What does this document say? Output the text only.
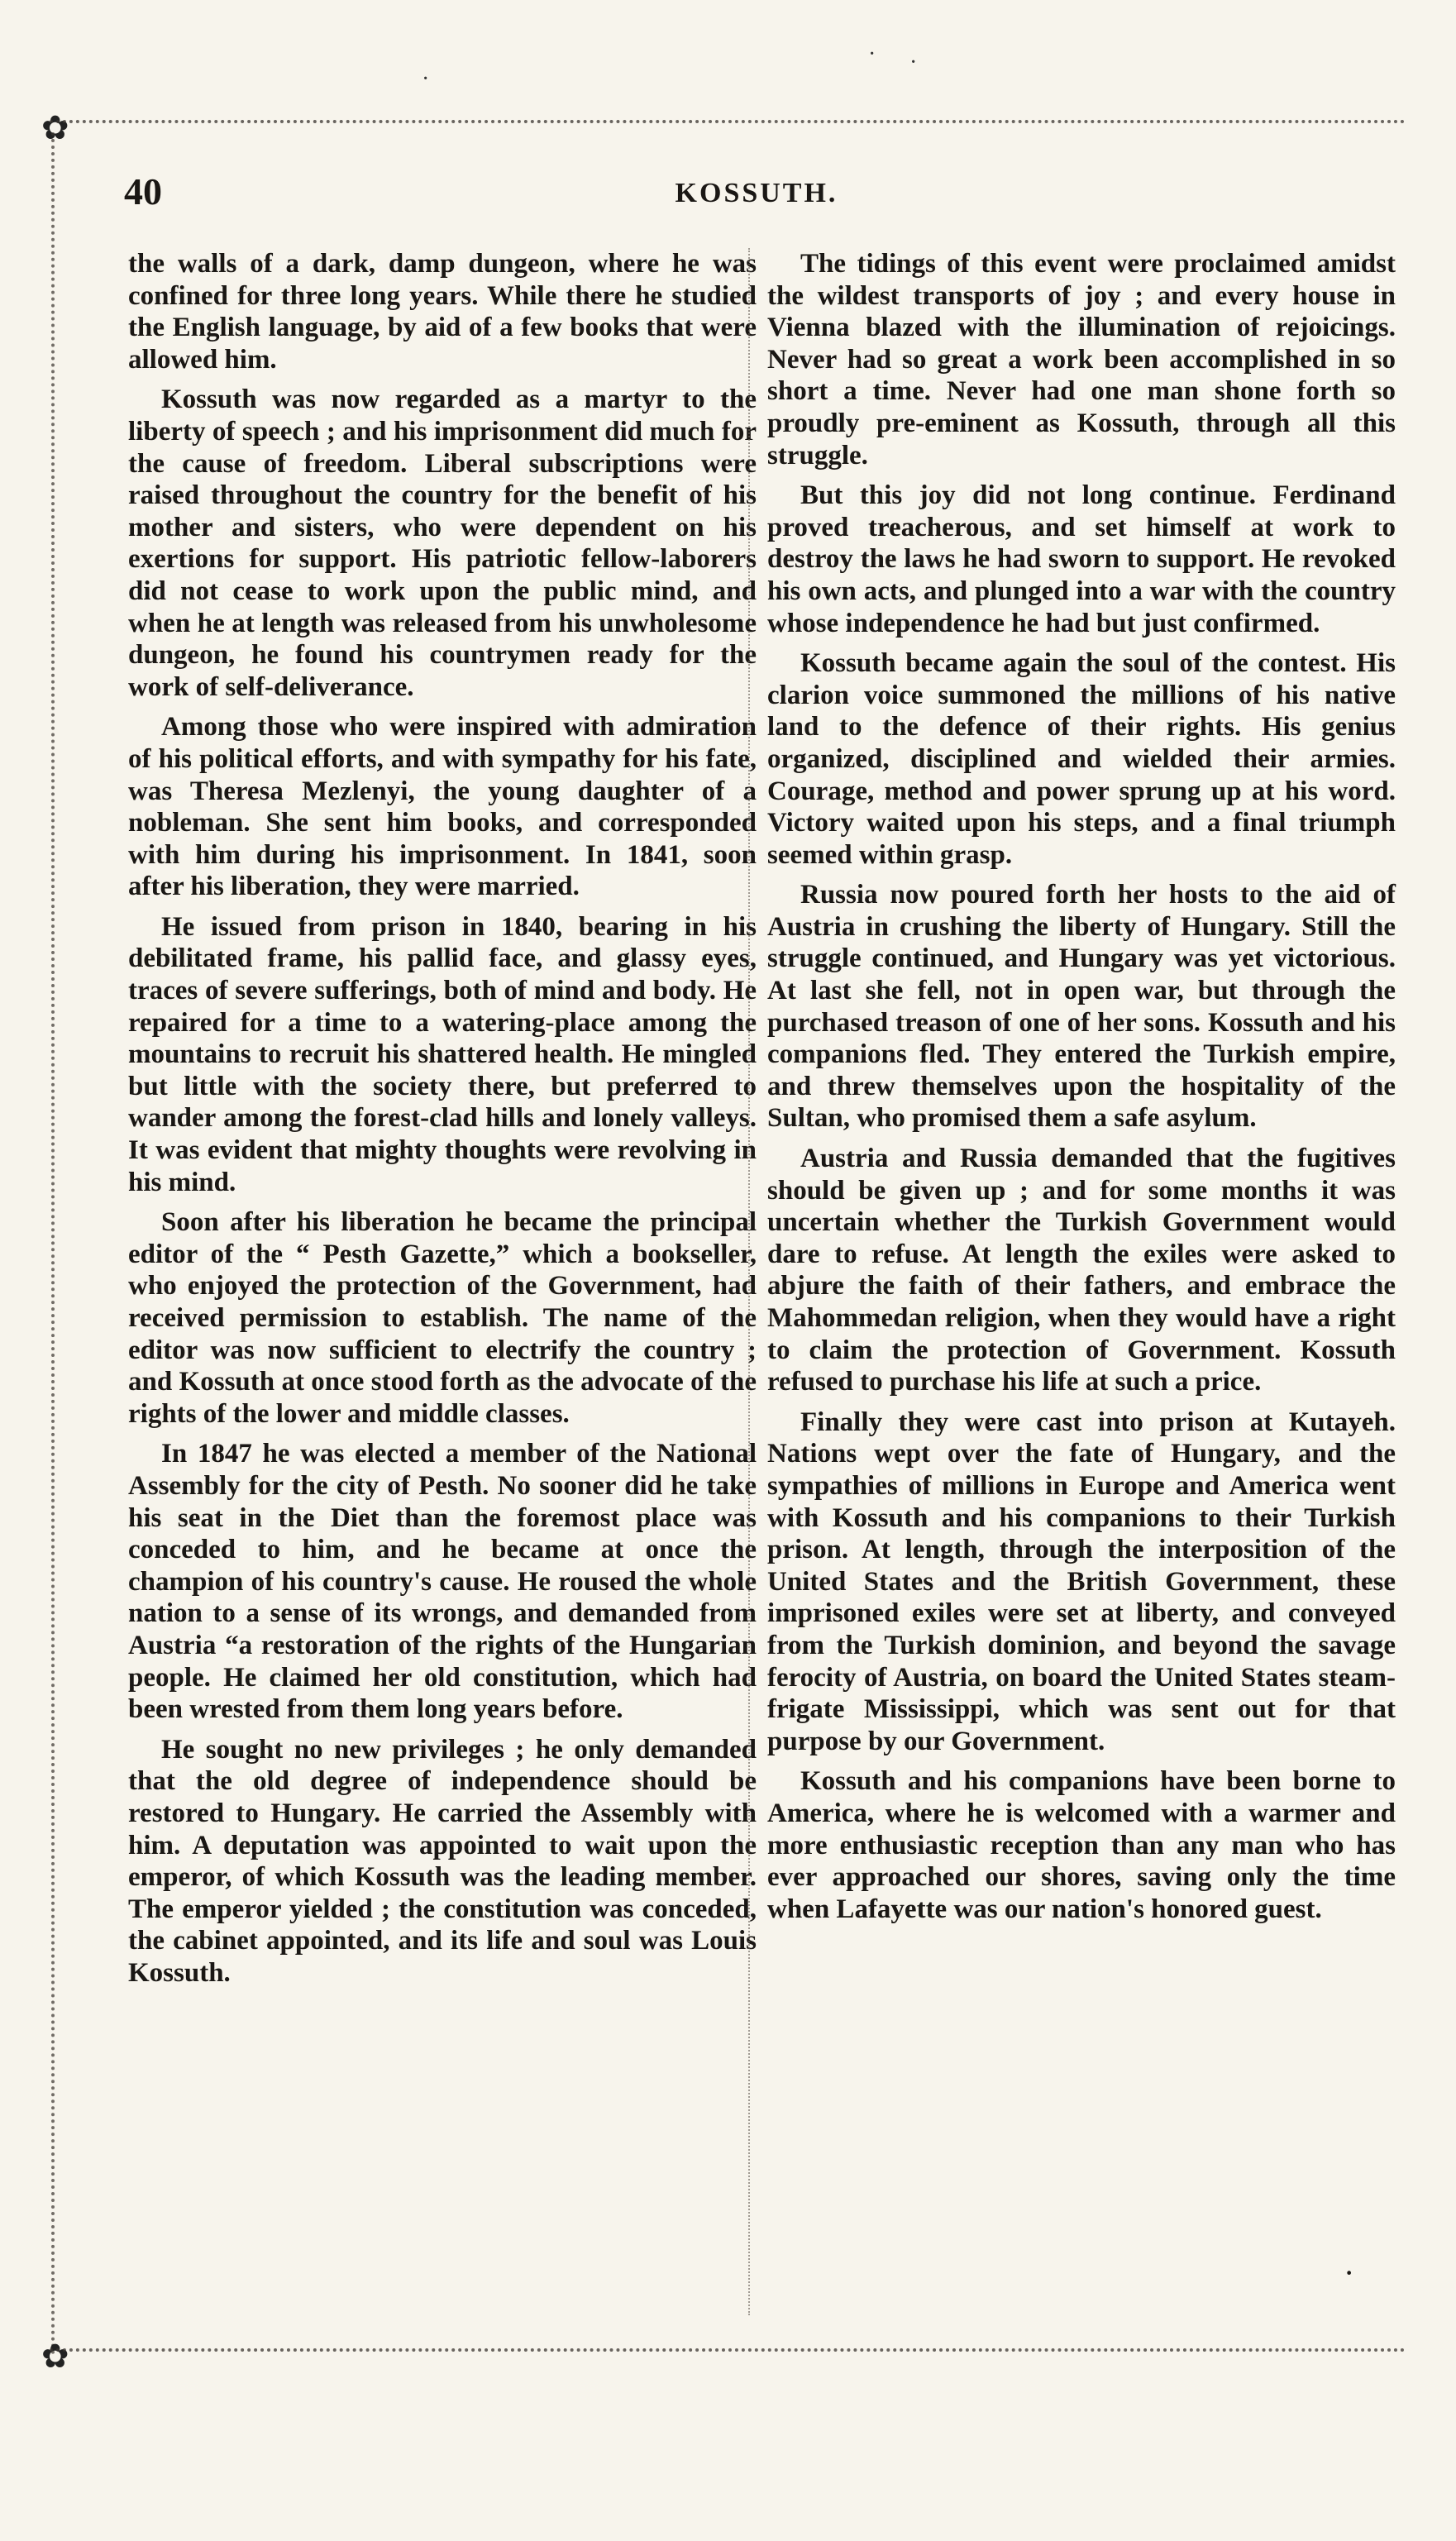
·
· ·
✿
40	KOSSUTH.

the walls of a dark, damp dungeon, where he was confined for three long years. While there he studied the English language, by aid of a few books that were allowed him.

Kossuth was now regarded as a martyr to the liberty of speech ; and his imprisonment did much for the cause of freedom. Liberal subscriptions were raised throughout the country for the benefit of his mother and sisters, who were dependent on his exertions for support. His patriotic fellow-laborers did not cease to work upon the public mind, and when he at length was released from his unwholesome dungeon, he found his countrymen ready for the work of self-deliverance.

Among those who were inspired with admiration of his political efforts, and with sympathy for his fate, was Theresa Mezlenyi, the young daughter of a nobleman. She sent him books, and corresponded with him during his imprisonment. In 1841, soon after his liberation, they were married.

He issued from prison in 1840, bearing in his debilitated frame, his pallid face, and glassy eyes, traces of severe sufferings, both of mind and body. He repaired for a time to a watering-place among the mountains to recruit his shattered health. He mingled but little with the society there, but preferred to wander among the forest-clad hills and lonely valleys. It was evident that mighty thoughts were revolving in his mind.

Soon after his liberation he became the principal editor of the “ Pesth Gazette,” which a bookseller, who enjoyed the protection of the Government, had received permission to establish. The name of the editor was now sufficient to electrify the country ; and Kossuth at once stood forth as the advocate of the rights of the lower and middle classes.

In 1847 he was elected a member of the National Assembly for the city of Pesth. No sooner did he take his seat in the Diet than the foremost place was conceded to him, and he became at once the champion of his country's cause. He roused the whole nation to a sense of its wrongs, and demanded from Austria “a restoration of the rights of the Hungarian people. He claimed her old constitution, which had been wrested from them long years before.

He sought no new privileges ; he only demanded that the old degree of independence should be restored to Hungary. He carried the Assembly with him. A deputation was appointed to wait upon the emperor, of which Kossuth was the leading member. The emperor yielded ; the constitution was conceded, the cabinet appointed, and its life and soul was Louis Kossuth.

The tidings of this event were proclaimed amidst the wildest transports of joy ; and every house in Vienna blazed with the illumination of rejoicings. Never had so great a work been accomplished in so short a time. Never had one man shone forth so proudly pre-eminent as Kossuth, through all this struggle.

But this joy did not long continue. Ferdinand proved treacherous, and set himself at work to destroy the laws he had sworn to support. He revoked his own acts, and plunged into a war with the country whose independence he had but just confirmed.

Kossuth became again the soul of the contest. His clarion voice summoned the millions of his native land to the defence of their rights. His genius organized, disciplined and wielded their armies. Courage, method and power sprung up at his word. Victory waited upon his steps, and a final triumph seemed within grasp.

Russia now poured forth her hosts to the aid of Austria in crushing the liberty of Hungary. Still the struggle continued, and Hungary was yet victorious. At last she fell, not in open war, but through the purchased treason of one of her sons. Kossuth and his companions fled. They entered the Turkish empire, and threw themselves upon the hospitality of the Sultan, who promised them a safe asylum.

Austria and Russia demanded that the fugitives should be given up ; and for some months it was uncertain whether the Turkish Government would dare to refuse. At length the exiles were asked to abjure the faith of their fathers, and embrace the Mahommedan religion, when they would have a right to claim the protection of Government. Kossuth refused to purchase his life at such a price.

Finally they were cast into prison at Kutayeh. Nations wept over the fate of Hungary, and the sympathies of millions in Europe and America went with Kossuth and his companions to their Turkish prison. At length, through the interposition of the United States and the British Government, these imprisoned exiles were set at liberty, and conveyed from the Turkish dominion, and beyond the savage ferocity of Austria, on board the United States steam-frigate Mississippi, which was sent out for that purpose by our Government.

Kossuth and his companions have been borne to America, where he is welcomed with a warmer and more enthusiastic reception than any man who has ever approached our shores, saving only the time when Lafayette was our nation's honored guest.

·
✿
